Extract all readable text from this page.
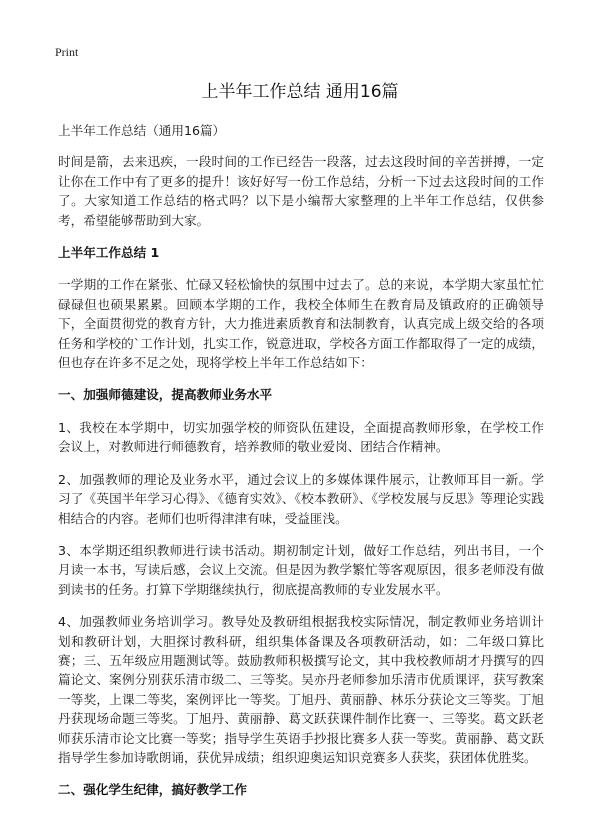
Print
上半年工作总结 通用16篇

上半年工作总结（通用16篇）

时间是箭，去来迅疾，一段时间的工作已经告一段落，过去这段时间的辛苦拼搏，一定让你在工作中有了更多的提升！该好好写一份工作总结，分析一下过去这段时间的工作了。大家知道工作总结的格式吗？以下是小编帮大家整理的上半年工作总结，仅供参考，希望能够帮助到大家。

上半年工作总结 1

一学期的工作在紧张、忙碌又轻松愉快的氛围中过去了。总的来说，本学期大家虽忙忙碌碌但也硕果累累。回顾本学期的工作，我校全体师生在教育局及镇政府的正确领导下，全面贯彻党的教育方针，大力推进素质教育和法制教育，认真完成上级交给的各项任务和学校的`工作计划，扎实工作，锐意进取，学校各方面工作都取得了一定的成绩，但也存在许多不足之处，现将学校上半年工作总结如下：

一、加强师德建设，提高教师业务水平

1、我校在本学期中，切实加强学校的师资队伍建设，全面提高教师形象，在学校工作会议上，对教师进行师德教育，培养教师的敬业爱岗、团结合作精神。

2、加强教师的理论及业务水平，通过会议上的多媒体课件展示，让教师耳目一新。学习了《英国半年学习心得》、《德育实效》、《校本教研》、《学校发展与反思》等理论实践相结合的内容。老师们也听得津津有味，受益匪浅。

3、本学期还组织教师进行读书活动。期初制定计划，做好工作总结，列出书目，一个月读一本书，写读后感，会议上交流。但是因为教学繁忙等客观原因，很多老师没有做到读书的任务。打算下学期继续执行，彻底提高教师的专业发展水平。

4、加强教师业务培训学习。教导处及教研组根据我校实际情况，制定教师业务培训计划和教研计划，大胆探讨教科研，组织集体备课及各项教研活动，如：二年级口算比赛；三、五年级应用题测试等。鼓励教师积极撰写论文，其中我校教师胡才丹撰写的四篇论文、案例分别获乐清市级二、三等奖。吴亦丹老师参加乐清市优质课评，获写教案一等奖，上课二等奖，案例评比一等奖。丁旭丹、黄丽静、林乐分获论文三等奖。丁旭丹获现场命题三等奖。丁旭丹、黄丽静、葛文跃获课件制作比赛一、三等奖。葛文跃老师获乐清市论文比赛一等奖；指导学生英语手抄报比赛多人获一等奖。黄丽静、葛文跃指导学生参加诗歌朗诵，获优异成绩；组织迎奥运知识竞赛多人获奖，获团体优胜奖。

二、强化学生纪律，搞好教学工作
